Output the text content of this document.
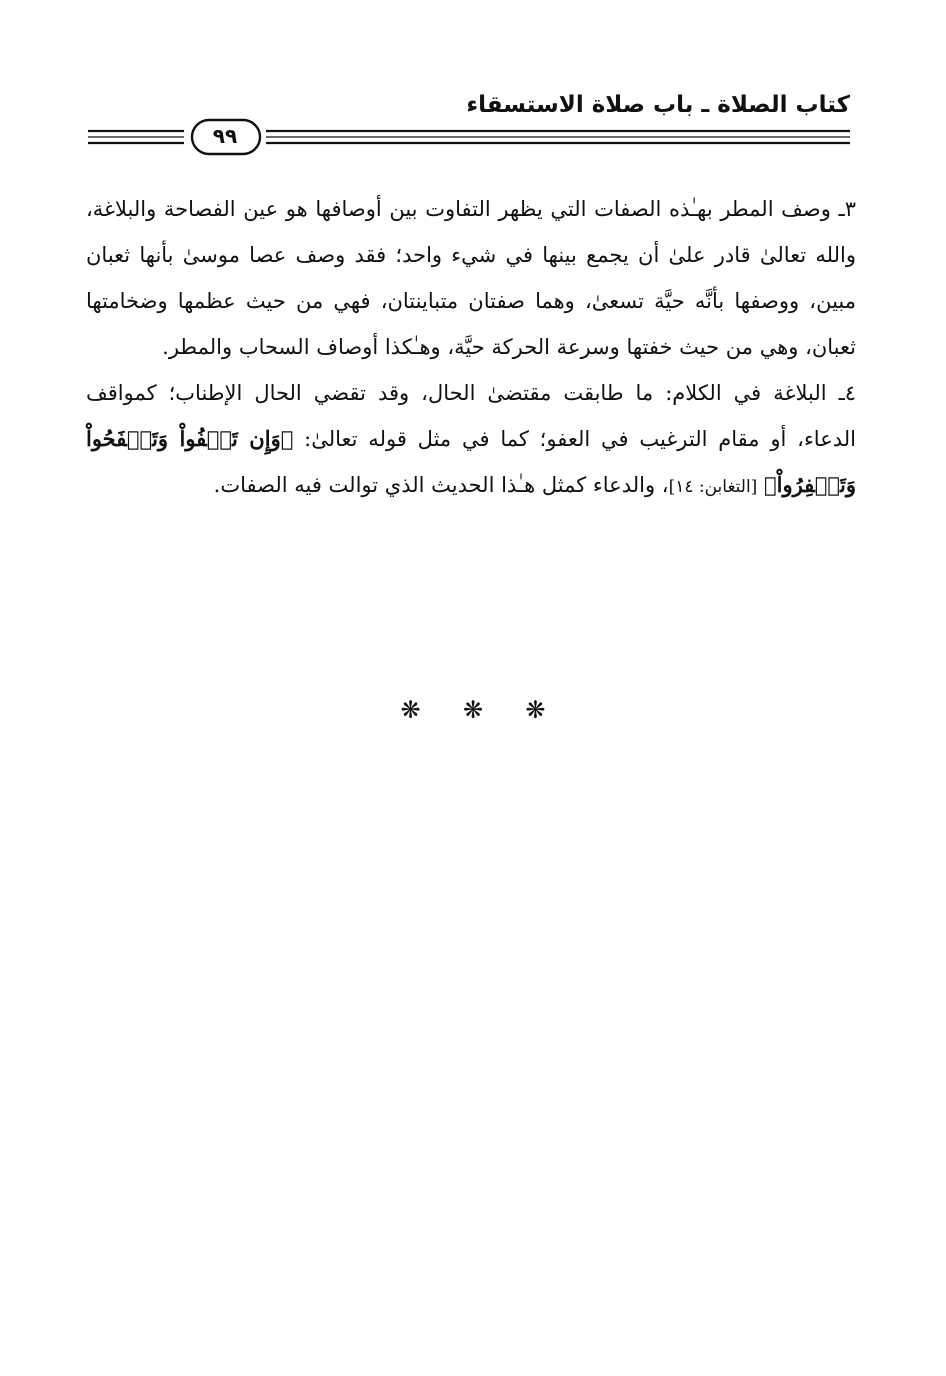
كتاب الصلاة ـ باب صلاة الاستسقاء
٩٩

٣ـ وصف المطر بهـٰذه الصفات التي يظهر التفاوت بين أوصافها هو عين الفصاحة والبلاغة، والله تعالىٰ قادر علىٰ أن يجمع بينها في شيء واحد؛ فقد وصف عصا موسىٰ بأنها ثعبان مبين، ووصفها بأنَّه حيَّة تسعىٰ، وهما صفتان متباينتان، فهي من حيث عظمها وضخامتها ثعبان، وهي من حيث خفتها وسرعة الحركة حيَّة، وهـٰكذا أوصاف السحاب والمطر.

٤ـ البلاغة في الكلام: ما طابقت مقتضىٰ الحال، وقد تقضي الحال الإطناب؛ كمواقف الدعاء، أو مقام الترغيب في العفو؛ كما في مثل قوله تعالىٰ: ﴿وَإِن تَعۡفُواْ وَتَصۡفَحُواْ وَتَغۡفِرُواْ﴾ [التغابن: ١٤]، والدعاء كمثل هـٰذا الحديث الذي توالت فيه الصفات.

❋ ❋ ❋
